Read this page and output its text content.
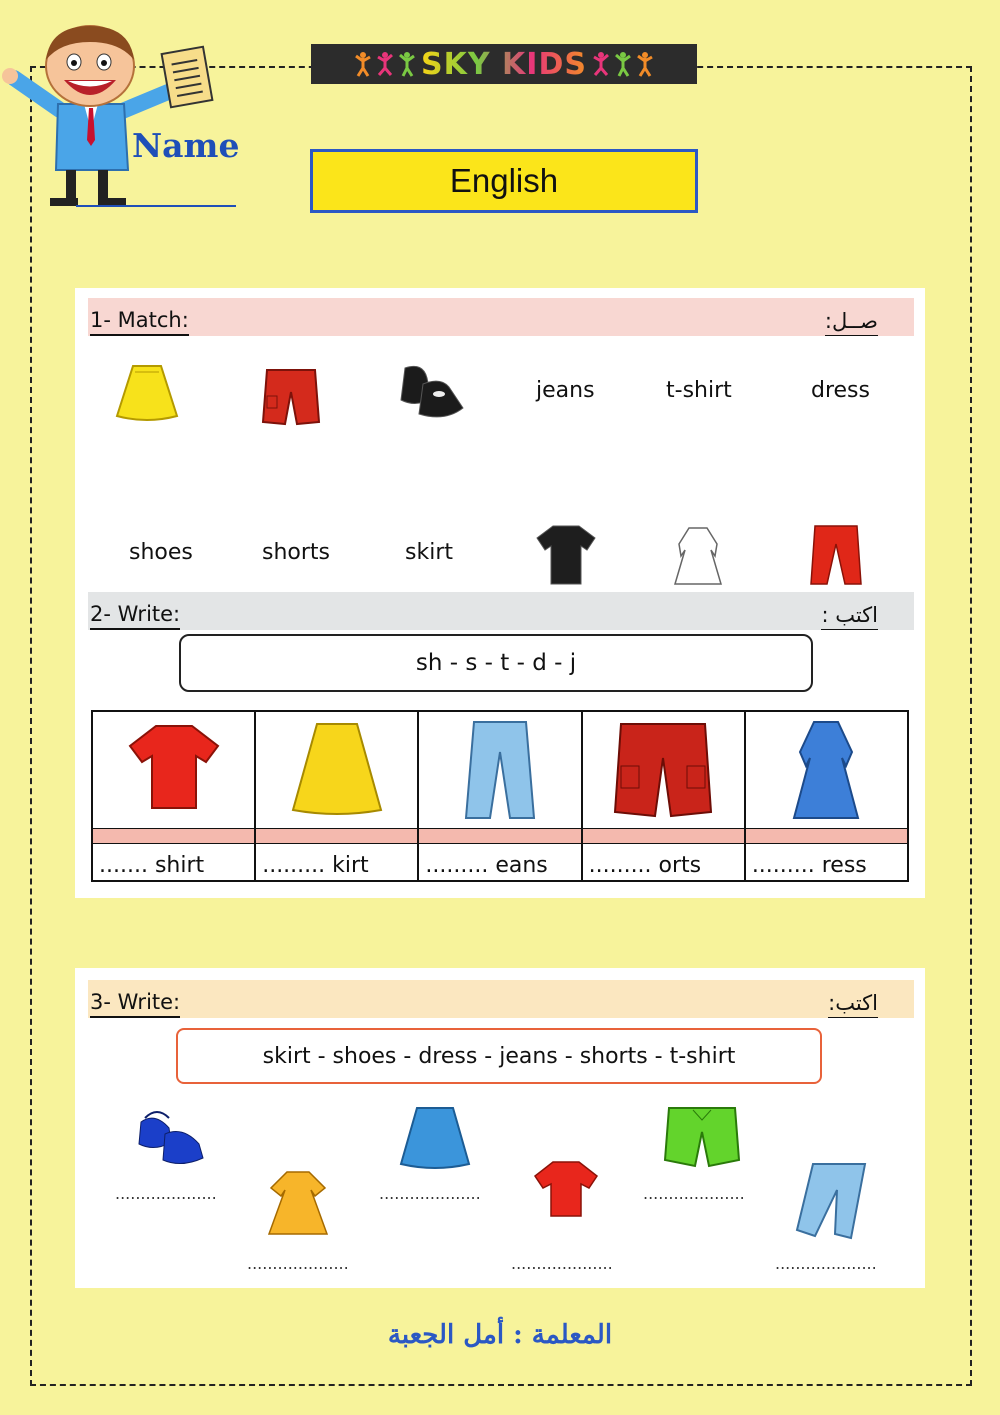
SKY KIDS
Name
English
1- Match:	صــل:
jeans	t-shirt	dress
shoes	shorts	skirt
2- Write:	اكتب :
sh - s - t - d - j
....... shirt	......... kirt	......... eans ......... orts ......... ress
3- Write:	اكتب:
skirt - shoes - dress - jeans - shorts - t-shirt
....................
....................
....................
....................
....................
....................
المعلمة : أمل الجعبة
